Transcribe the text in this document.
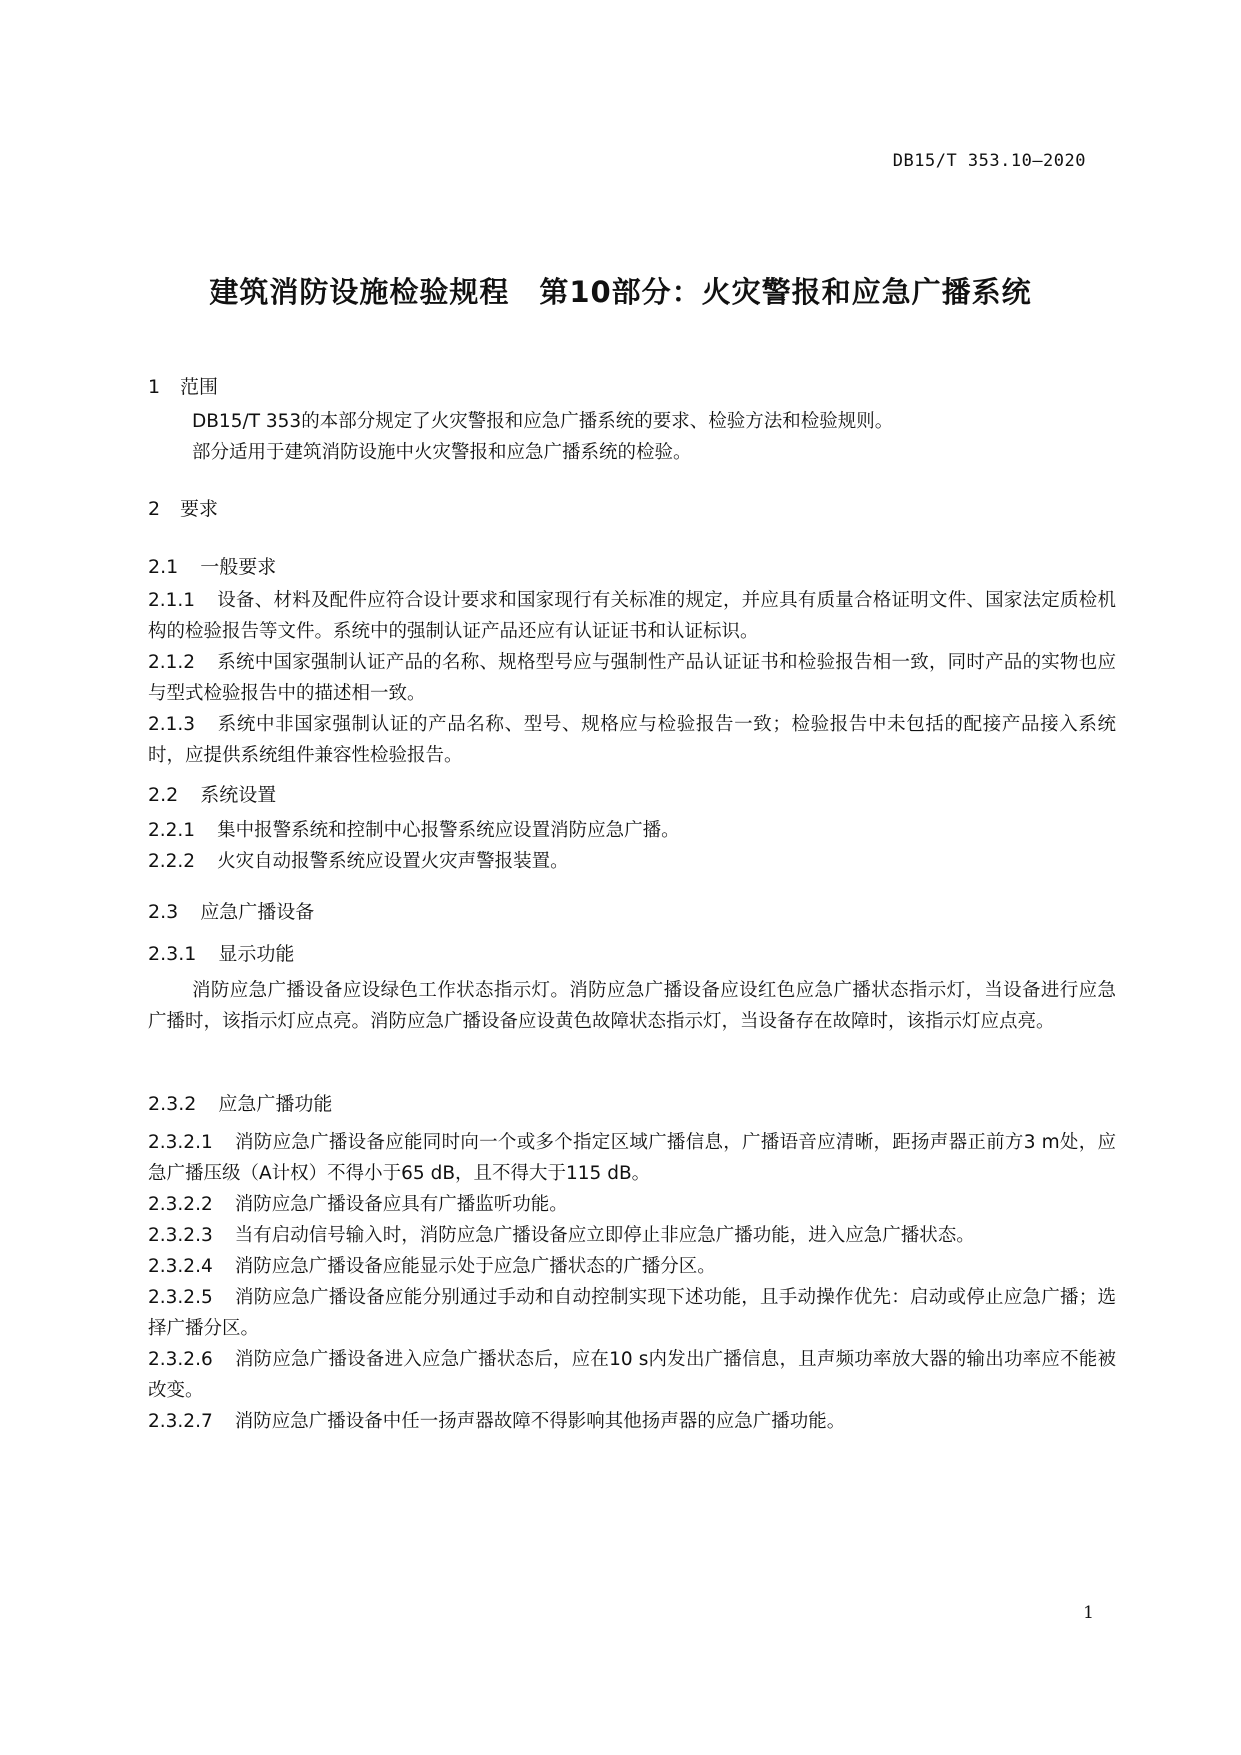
DB15/T 353.10—2020
建筑消防设施检验规程　第10部分：火灾警报和应急广播系统
1 范围
DB15/T 353的本部分规定了火灾警报和应急广播系统的要求、检验方法和检验规则。
部分适用于建筑消防设施中火灾警报和应急广播系统的检验。
2 要求
2.1 一般要求
2.1.1 设备、材料及配件应符合设计要求和国家现行有关标准的规定，并应具有质量合格证明文件、国家法定质检机构的检验报告等文件。系统中的强制认证产品还应有认证证书和认证标识。
2.1.2 系统中国家强制认证产品的名称、规格型号应与强制性产品认证证书和检验报告相一致，同时产品的实物也应与型式检验报告中的描述相一致。
2.1.3 系统中非国家强制认证的产品名称、型号、规格应与检验报告一致；检验报告中未包括的配接产品接入系统时，应提供系统组件兼容性检验报告。
2.2 系统设置
2.2.1 集中报警系统和控制中心报警系统应设置消防应急广播。
2.2.2 火灾自动报警系统应设置火灾声警报装置。
2.3 应急广播设备
2.3.1 显示功能
消防应急广播设备应设绿色工作状态指示灯。消防应急广播设备应设红色应急广播状态指示灯，当设备进行应急广播时，该指示灯应点亮。消防应急广播设备应设黄色故障状态指示灯，当设备存在故障时，该指示灯应点亮。
2.3.2 应急广播功能
2.3.2.1 消防应急广播设备应能同时向一个或多个指定区域广播信息，广播语音应清晰，距扬声器正前方3 m处，应急广播压级（A计权）不得小于65 dB，且不得大于115 dB。
2.3.2.2 消防应急广播设备应具有广播监听功能。
2.3.2.3 当有启动信号输入时，消防应急广播设备应立即停止非应急广播功能，进入应急广播状态。
2.3.2.4 消防应急广播设备应能显示处于应急广播状态的广播分区。
2.3.2.5 消防应急广播设备应能分别通过手动和自动控制实现下述功能，且手动操作优先：启动或停止应急广播；选择广播分区。
2.3.2.6 消防应急广播设备进入应急广播状态后，应在10 s内发出广播信息，且声频功率放大器的输出功率应不能被改变。
2.3.2.7 消防应急广播设备中任一扬声器故障不得影响其他扬声器的应急广播功能。
1
